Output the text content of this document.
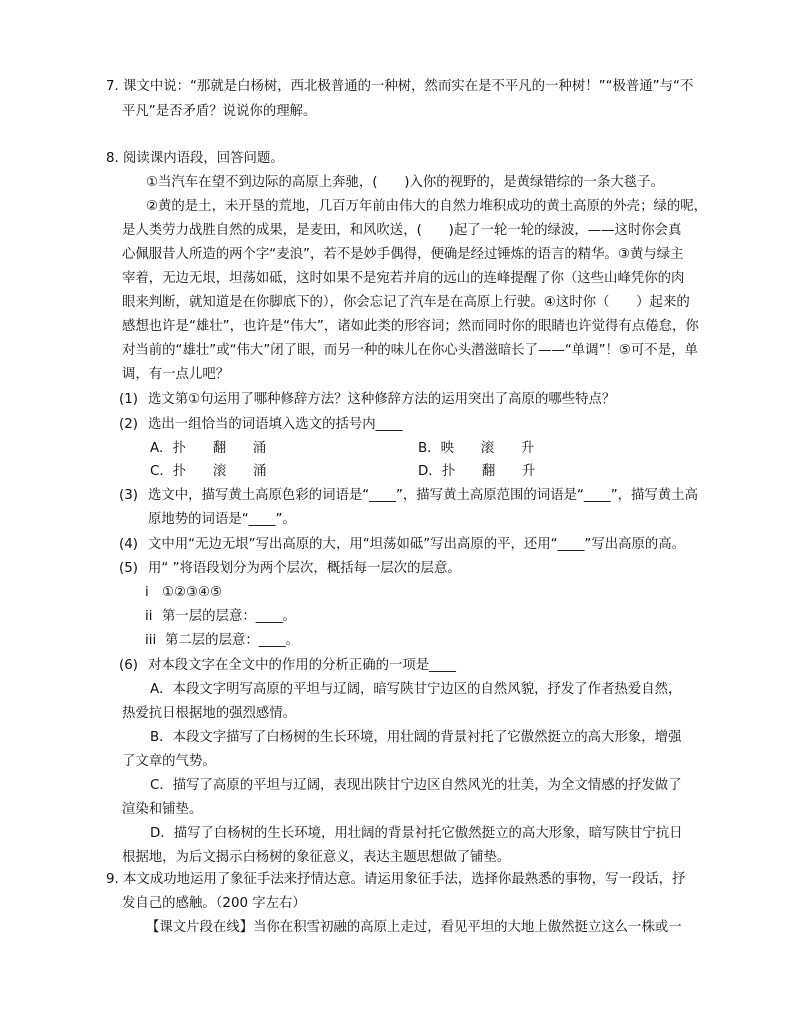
7. 课文中说：“那就是白杨树，西北极普通的一种树，然而实在是不平凡的一种树！”“极普通”与“不
平凡”是否矛盾？说说你的理解。
8. 阅读课内语段，回答问题。
①当汽车在望不到边际的高原上奔驰，(　　)入你的视野的，是黄绿错综的一条大毯子。
②黄的是土，未开垦的荒地，几百万年前由伟大的自然力堆积成功的黄土高原的外壳；绿的呢，
是人类劳力战胜自然的成果，是麦田，和风吹送，(　　)起了一轮一轮的绿波，——这时你会真
心佩服昔人所造的两个字“麦浪”，若不是妙手偶得，便确是经过锤炼的语言的精华。③黄与绿主
宰着，无边无垠，坦荡如砥，这时如果不是宛若并肩的远山的连峰提醒了你（这些山峰凭你的肉
眼来判断，就知道是在你脚底下的），你会忘记了汽车是在高原上行驶。④这时你（　　）起来的
感想也许是“雄壮”，也许是“伟大”，诸如此类的形容词；然而同时你的眼睛也许觉得有点倦怠，你
对当前的“雄壮”或“伟大”闭了眼，而另一种的味儿在你心头潜滋暗长了——“单调”！⑤可不是，单
调，有一点儿吧？
(1) 选文第①句运用了哪种修辞方法？这种修辞方法的运用突出了高原的哪些特点？
(2) 选出一组恰当的词语填入选文的括号内____
A．扑　　翻　　涌	B．映　　滚　　升
C．扑　　滚　　涌	D．扑　　翻　　升
(3) 选文中，描写黄土高原色彩的词语是“____”，描写黄土高原范围的词语是“____”，描写黄土高
原地势的词语是“____”。
(4) 文中用“无边无垠”写出高原的大，用“坦荡如砥”写出高原的平，还用“____”写出高原的高。
(5) 用“ ”将语段划分为两个层次，概括每一层次的层意。
i ①②③④⑤
ii 第一层的层意：____。
iii 第二层的层意：____。
(6) 对本段文字在全文中的作用的分析正确的一项是____
A．本段文字明写高原的平坦与辽阔，暗写陕甘宁边区的自然风貌，抒发了作者热爱自然，
热爱抗日根据地的强烈感情。
B．本段文字描写了白杨树的生长环境，用壮阔的背景衬托了它傲然挺立的高大形象，增强
了文章的气势。
C．描写了高原的平坦与辽阔，表现出陕甘宁边区自然风光的壮美，为全文情感的抒发做了
渲染和铺垫。
D．描写了白杨树的生长环境，用壮阔的背景衬托它傲然挺立的高大形象，暗写陕甘宁抗日
根据地，为后文揭示白杨树的象征意义，表达主题思想做了铺垫。
9. 本文成功地运用了象征手法来抒情达意。请运用象征手法，选择你最熟悉的事物，写一段话，抒
发自己的感触。（200 字左右）
【课文片段在线】当你在积雪初融的高原上走过，看见平坦的大地上傲然挺立这么一株或一
